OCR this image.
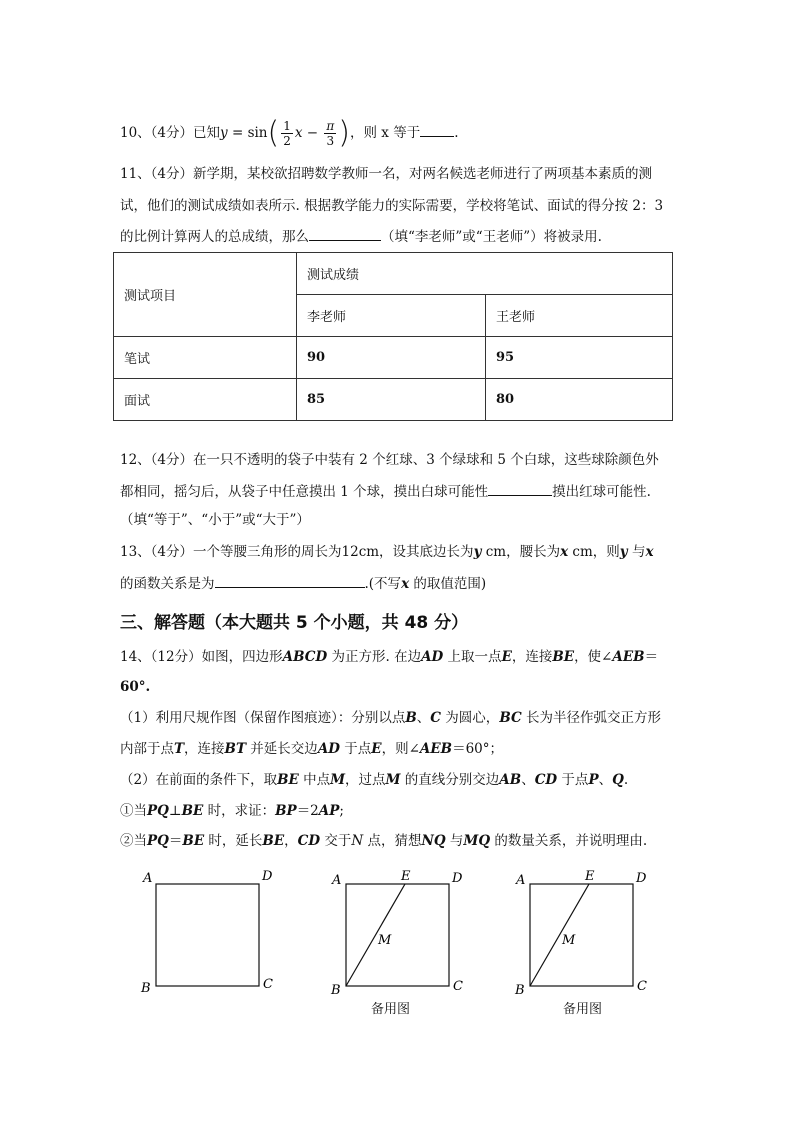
10、（4分）已知$y = \sin( \frac{1}{2}$ $x - \frac{\pi}{3}$ )，则 x 等于	.
11、（4分）新学期，某校欲招聘数学教师一名，对两名候选老师进行了两项基本素质的测
试，他们的测试成绩如表所示. 根据教学能力的实际需要，学校将笔试、面试的得分按 2：3
的比例计算两人的总成绩，那么	（填“李老师”或“王老师”）将被录用.
测试项目	测试成绩	
	李老师	王老师
笔试	90	95
面试	85	80
12、（4分）在一只不透明的袋子中装有 2 个红球、3 个绿球和 5 个白球，这些球除颜色外
都相同，摇匀后，从袋子中任意摸出 1 个球，摸出白球可能性	摸出红球可能性.
（填“等于”、“小于”或“大于”）
13、（4分）一个等腰三角形的周长为12cm，设其底边长为y cm，腰长为x cm，则y 与x
的函数关系是为	.(不写x 的取值范围)
三、解答题（本大题共 5 个小题，共 48 分）
14、（12分）如图，四边形ABCD 为正方形. 在边AD 上取一点E，连接BE，使∠AEB＝
60°.
（1）利用尺规作图（保留作图痕迹）：分别以点B、C 为圆心，BC 长为半径作弧交正方形
内部于点T，连接BT 并延长交边AD 于点E，则∠AEB＝60°；
（2）在前面的条件下，取BE 中点M，过点M 的直线分别交边AB、CD 于点P、Q.
①当PQ⊥BE 时，求证：BP＝2AP;
②当PQ＝BE 时，延长BE，CD 交于N 点，猜想NQ 与MQ 的数量关系，并说明理由.
A	D
B	C
A	E	D
M
B	C
备用图
A	E	D
M
B	C
备用图
